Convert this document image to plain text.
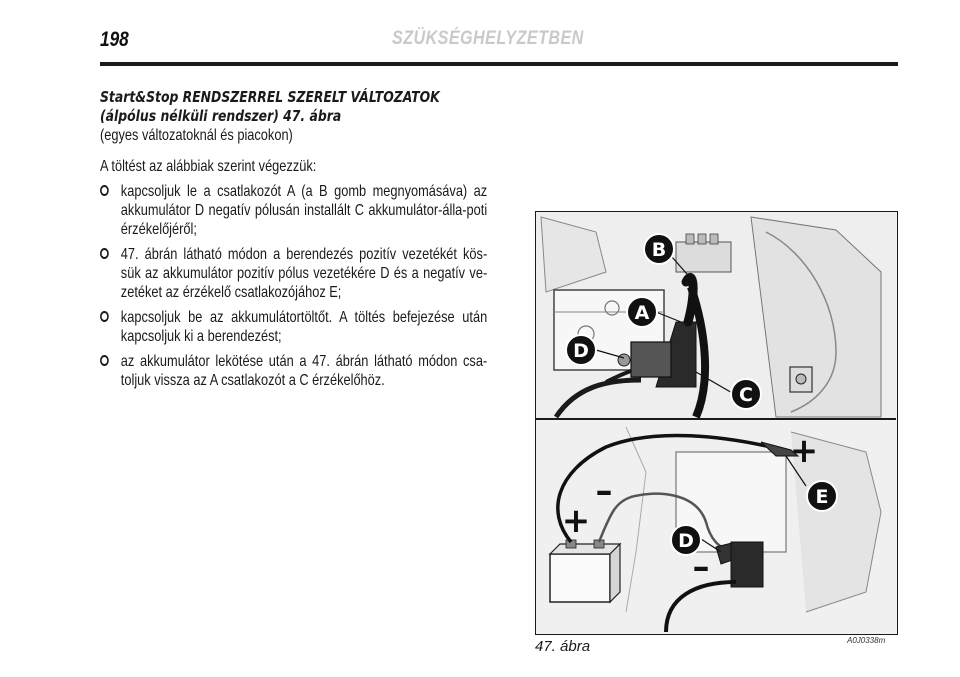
198	SZÜKSÉGHELYZETBEN

Start&Stop RENDSZERREL SZERELT VÁLTOZATOK

(álpólus nélküli rendszer) 47. ábra

(egyes változatoknál és piacokon)

A töltést az alábbiak szerint végezzük:

kapcsoljuk le a csatlakozót A (a B gomb megnyomásáva) az akkumulátor D negatív pólusán installált C akkumulátor-álla-poti érzékelőjéről;
47. ábrán látható módon a berendezés pozitív vezetékét kös-sük az akkumulátor pozitív pólus vezetékére D és a negatív ve-zetéket az érzékelő csatlakozójához E;
kapcsoljuk be az akkumulátortöltőt. A töltés befejezése után kapcsoljuk ki a berendezést;
az akkumulátor lekötése után a 47. ábrán látható módon csa-toljuk vissza az A csatlakozót a C érzékelőhöz.
B
A
D
C
E
D
+
+
–
–
47. ábra	A0J0338m
